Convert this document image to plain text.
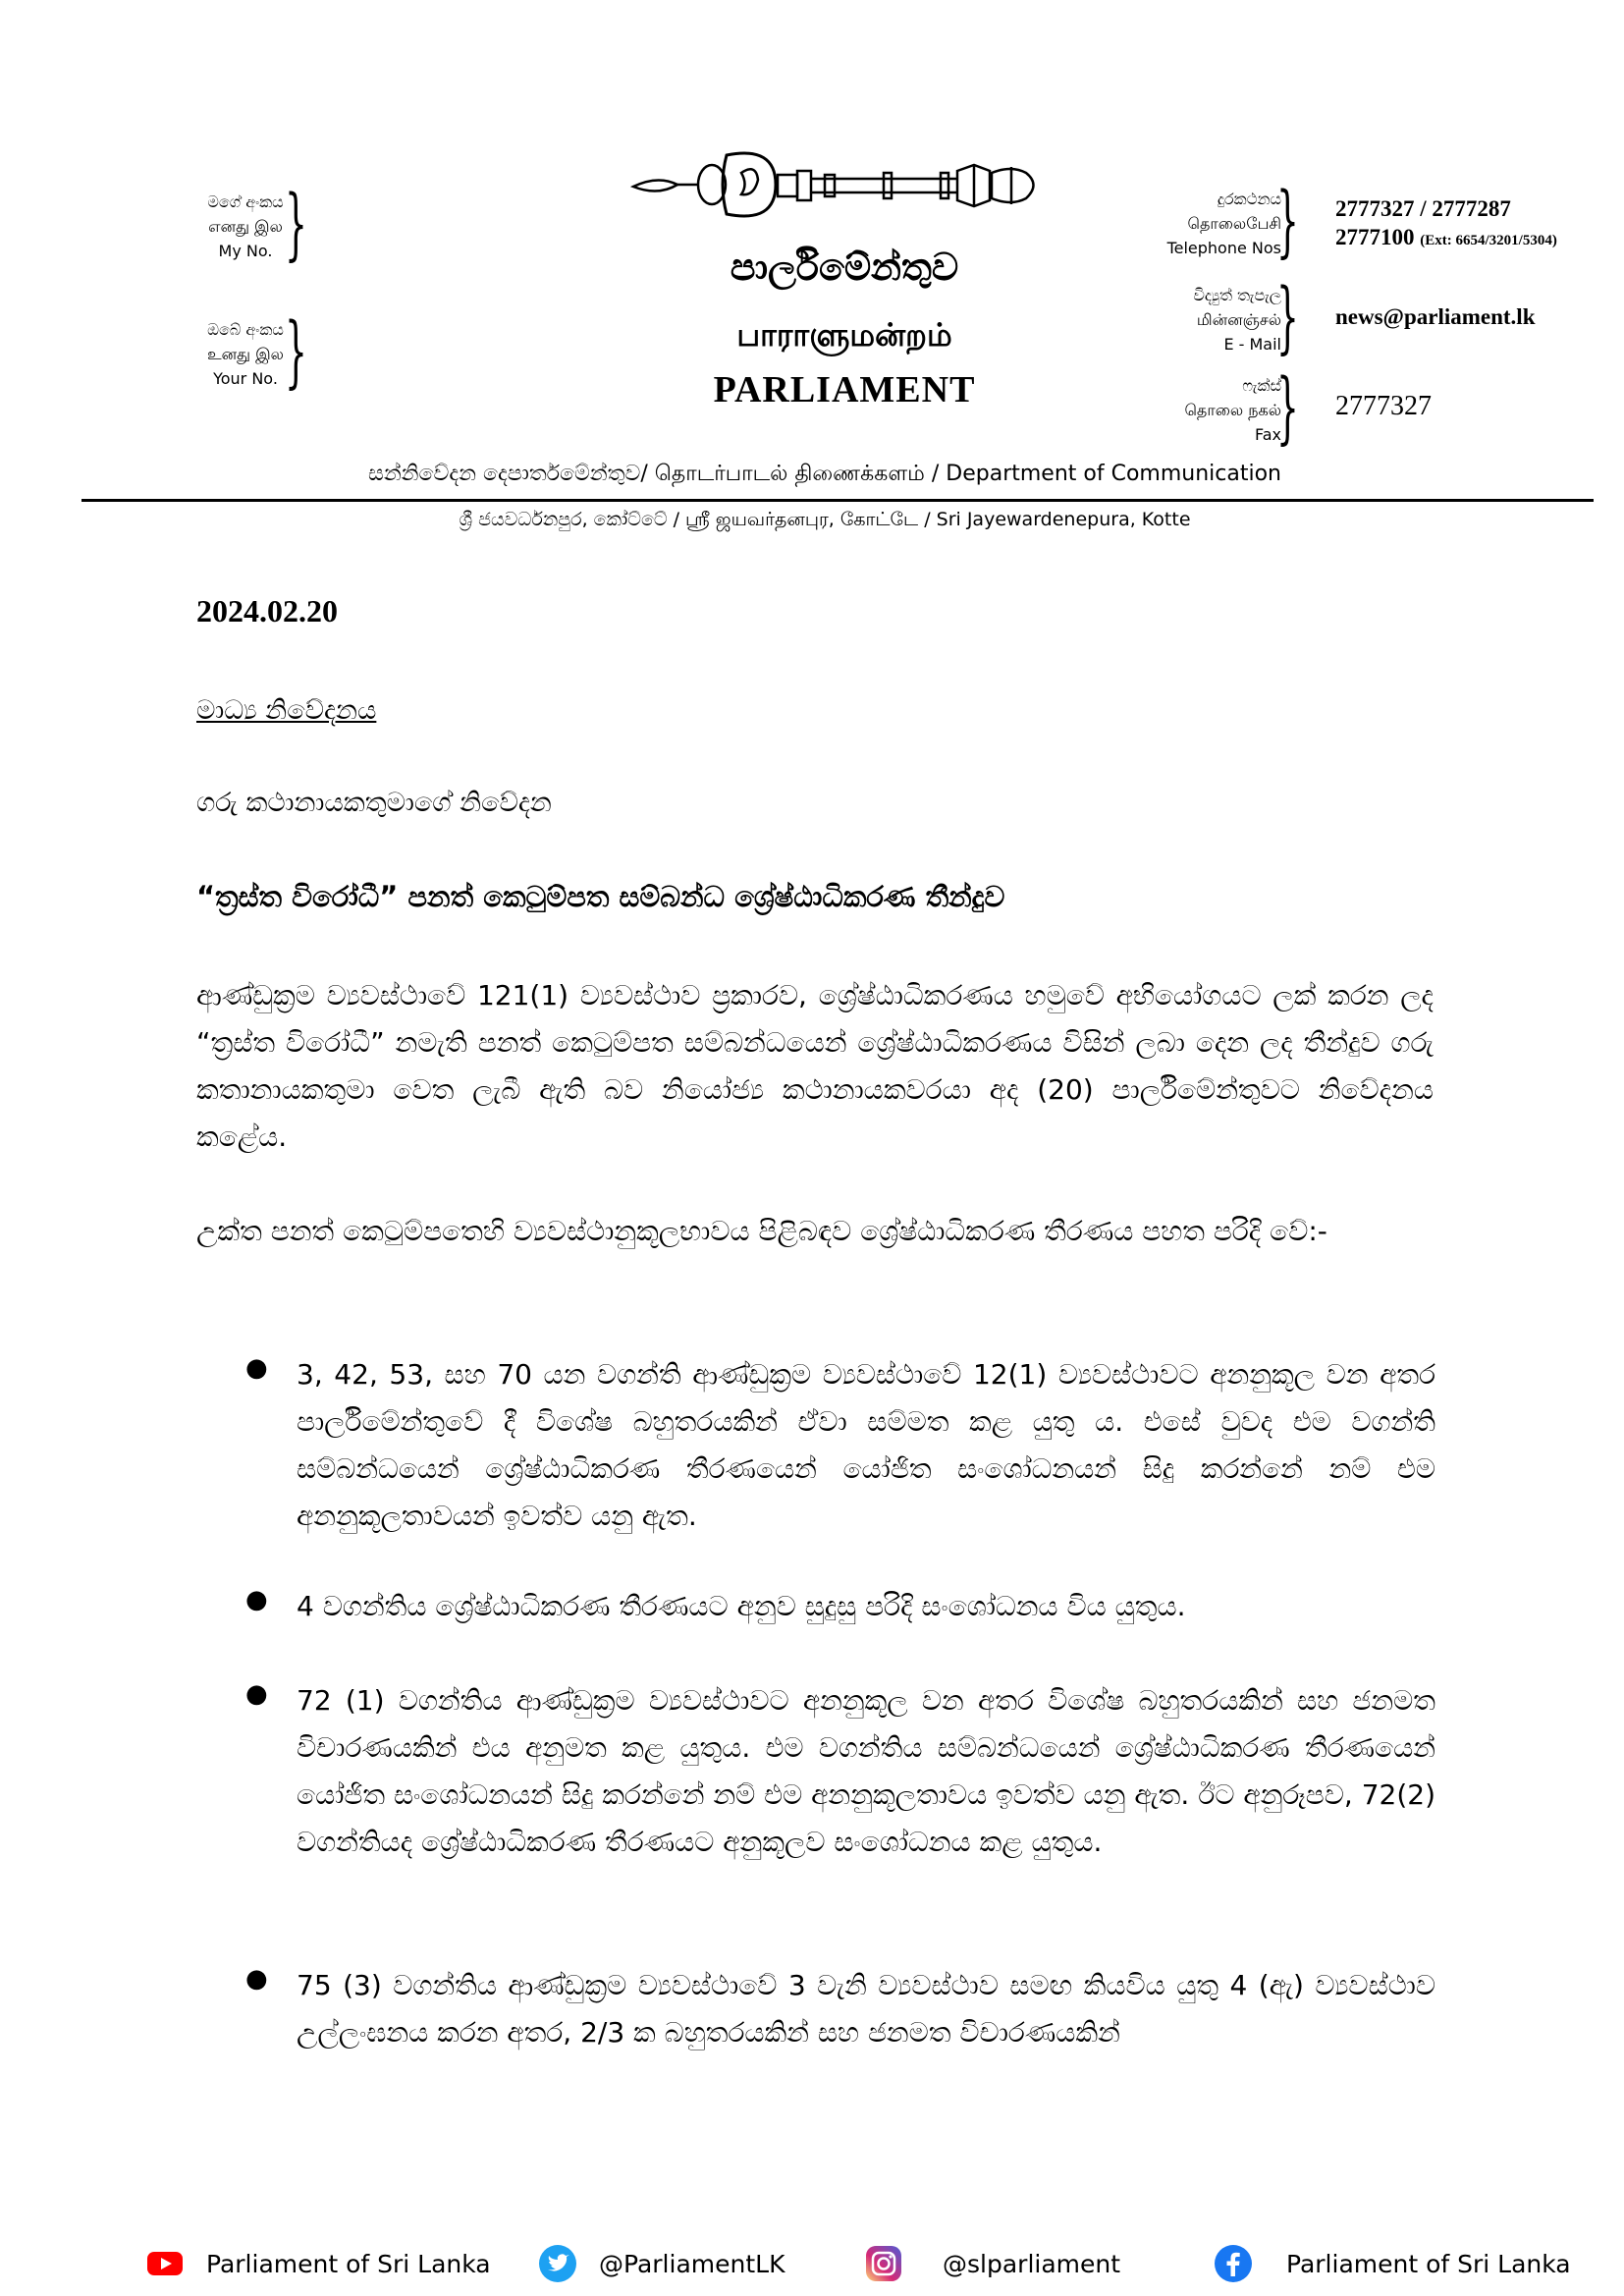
මගේ අංකය
எனது இல
My No. }
ඔබේ අංකය
உனது இல
Your No. }
පාර්ලිමේන්තුව
பாராளுமன்றம்
PARLIAMENT
දුරකථනය
தொலைபேசி
Telephone Nos
} 2777327 / 2777287
2777100 (Ext: 6654/3201/5304)
විද්‍යුත් තැපැල
மின்னஞ்சல்
E - Mail
} news@parliament.lk
ෆැක්ස්
தொலை நகல்
Fax
} 2777327
සන්නිවේදන දෙපාර්තමේන්තුව/ தொடர்பாடல் திணைக்களம் / Department of Communication
ශ්‍රී ජයවර්ධනපුර, කෝට්ටේ / ஸ்ரீ ஜயவர்தனபுர, கோட்டே / Sri Jayewardenepura, Kotte
2024.02.20
මාධ්‍ය නිවේදනය
ගරු කථානායකතුමාගේ නිවේදන
“ත්‍රස්ත විරෝධී” පනත් කෙටුම්පත සම්බන්ධ ශ්‍රේෂ්ඨාධිකරණ තීන්දුව
ආණ්ඩුක්‍රම ව්‍යවස්ථාවේ 121(1) ව්‍යවස්ථාව ප්‍රකාරව, ශ්‍රේෂ්ඨාධිකරණය හමුවේ අභියෝගයට ලක් කරන ලද “ත්‍රස්ත විරෝධී” නමැති පනත් කෙටුම්පත සම්බන්ධයෙන් ශ්‍රේෂ්ඨාධිකරණය විසින් ලබා දෙන ලද තීන්දුව ගරු කතානායකතුමා වෙත ලැබී ඇති බව නියෝජ්‍ය කථානායකවරයා අද (20) පාර්ලිමේන්තුවට නිවේදනය කළේය.
උක්ත පනත් කෙටුම්පතෙහි ව්‍යවස්ථානුකූලභාවය පිළිබඳව ශ්‍රේෂ්ඨාධිකරණ තීරණය පහත පරිදි වේ:-
● 3, 42, 53, සහ 70 යන වගන්ති ආණ්ඩුක්‍රම ව්‍යවස්ථාවේ 12(1) ව්‍යවස්ථාවට අනනුකූල වන අතර පාර්ලිමේන්තුවේ දී විශේෂ බහුතරයකින් ඒවා සම්මත කළ යුතු ය. එසේ වුවද එම වගන්ති සම්බන්ධයෙන් ශ්‍රේෂ්ඨාධිකරණ තීරණයෙන් යෝජිත සංශෝධනයන් සිදු කරන්නේ නම් එම අනනුකූලතාවයන් ඉවත්ව යනු ඇත.
● 4 වගන්තිය ශ්‍රේෂ්ඨාධිකරණ තීරණයට අනුව සුදුසු පරිදි සංශෝධනය විය යුතුය.
● 72 (1) වගන්තිය ආණ්ඩුක්‍රම ව්‍යවස්ථාවට අනනුකූල වන අතර විශේෂ බහුතරයකින් සහ ජනමත විචාරණයකින් එය අනුමත කළ යුතුය. එම වගන්තිය සම්බන්ධයෙන් ශ්‍රේෂ්ඨාධිකරණ තීරණයෙන් යෝජිත සංශෝධනයන් සිදු කරන්නේ නම් එම අනනුකූලතාවය ඉවත්ව යනු ඇත. ඊට අනුරූපව, 72(2) වගන්තියද ශ්‍රේෂ්ඨාධිකරණ තීරණයට අනුකූලව සංශෝධනය කළ යුතුය.
● 75 (3) වගන්තිය ආණ්ඩුක්‍රම ව්‍යවස්ථාවේ 3 වැනි ව්‍යවස්ථාව සමඟ කියවිය යුතු 4 (ඇ) ව්‍යවස්ථාව උල්ලංඝනය කරන අතර, 2/3 ක බහුතරයකින් සහ ජනමත විචාරණයකින්
Parliament of Sri Lanka	@ParliamentLK	@slparliament	Parliament of Sri Lanka
